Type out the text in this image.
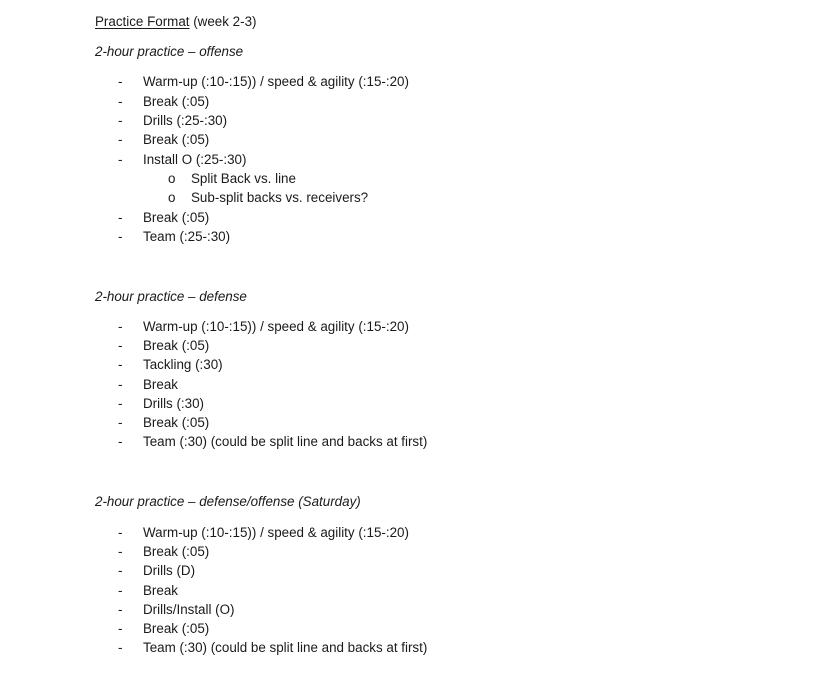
Practice Format (week 2-3)
2-hour practice – offense
- Warm-up (:10-:15)) / speed & agility (:15-:20)
- Break (:05)
- Drills (:25-:30)
- Break (:05)
- Install O (:25-:30)
o Split Back vs. line
o Sub-split backs vs. receivers?
- Break (:05)
- Team (:25-:30)
2-hour practice – defense
- Warm-up (:10-:15)) / speed & agility (:15-:20)
- Break (:05)
- Tackling (:30)
- Break
- Drills (:30)
- Break (:05)
- Team (:30) (could be split line and backs at first)
2-hour practice – defense/offense (Saturday)
- Warm-up (:10-:15)) / speed & agility (:15-:20)
- Break (:05)
- Drills (D)
- Break
- Drills/Install (O)
- Break (:05)
- Team (:30) (could be split line and backs at first)
